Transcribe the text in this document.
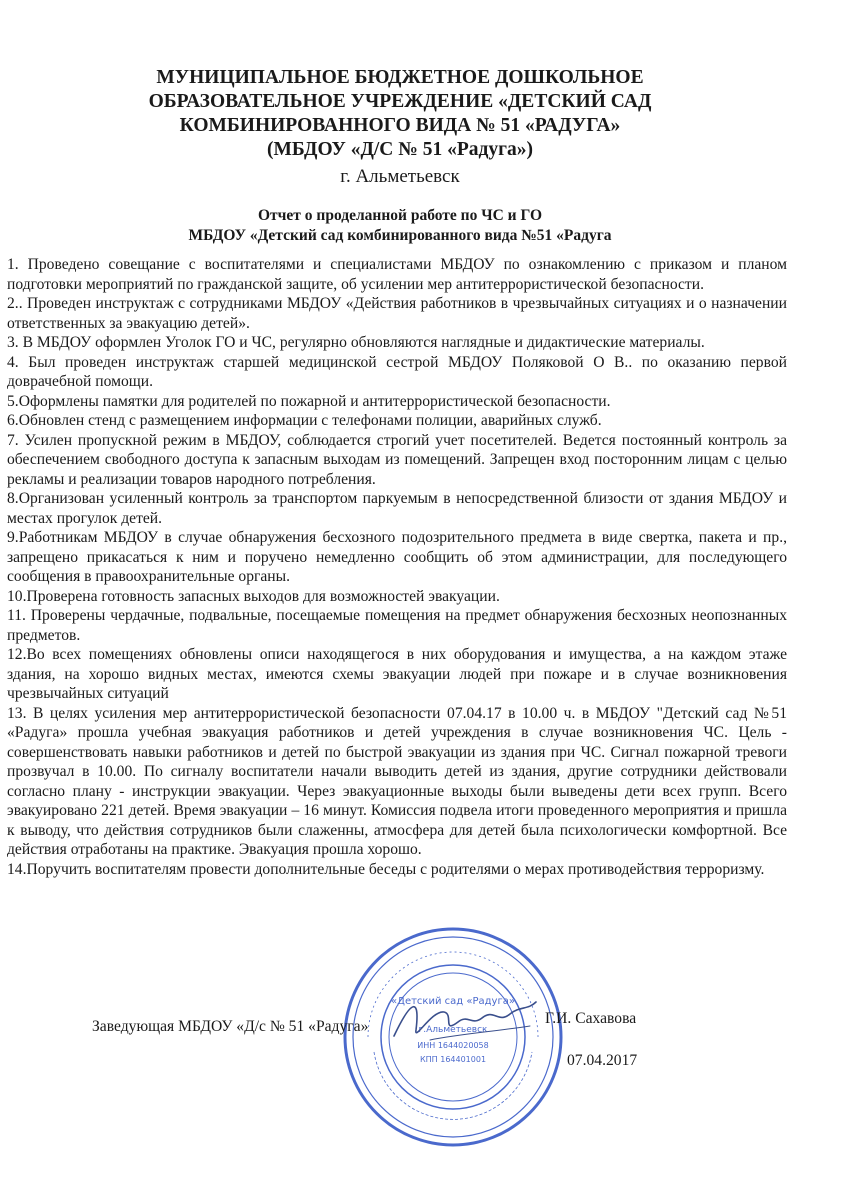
МУНИЦИПАЛЬНОЕ БЮДЖЕТНОЕ ДОШКОЛЬНОЕ
ОБРАЗОВАТЕЛЬНОЕ УЧРЕЖДЕНИЕ «ДЕТСКИЙ САД
КОМБИНИРОВАННОГО ВИДА № 51 «РАДУГА»
(МБДОУ «Д/С № 51 «Радуга»)
г. Альметьевск
Отчет о проделанной работе по ЧС и ГО
МБДОУ «Детский сад комбинированного вида №51 «Радуга

1. Проведено совещание с воспитателями и специалистами МБДОУ по ознакомлению с приказом и планом подготовки мероприятий по гражданской защите, об усилении мер антитеррористической безопасности.

2.. Проведен инструктаж с сотрудниками МБДОУ «Действия работников в чрезвычайных ситуациях и о назначении ответственных за эвакуацию детей».

3. В МБДОУ оформлен Уголок ГО и ЧС, регулярно обновляются наглядные и дидактические материалы.

4. Был проведен инструктаж старшей медицинской сестрой МБДОУ Поляковой О В.. по оказанию первой доврачебной помощи.

5.Оформлены памятки для родителей по пожарной и антитеррористической безопасности.

6.Обновлен стенд с размещением информации с телефонами полиции, аварийных служб.

7. Усилен пропускной режим в МБДОУ, соблюдается строгий учет посетителей. Ведется постоянный контроль за обеспечением свободного доступа к запасным выходам из помещений. Запрещен вход посторонним лицам с целью рекламы и реализации товаров народного потребления.

8.Организован усиленный контроль за транспортом паркуемым в непосредственной близости от здания МБДОУ и местах прогулок детей.

9.Работникам МБДОУ в случае обнаружения бесхозного подозрительного предмета в виде свертка, пакета и пр., запрещено прикасаться к ним и поручено немедленно сообщить об этом администрации, для последующего сообщения в правоохранительные органы.

10.Проверена готовность запасных выходов для возможностей эвакуации.

11. Проверены чердачные, подвальные, посещаемые помещения на предмет обнаружения бесхозных неопознанных предметов.

12.Во всех помещениях обновлены описи находящегося в них оборудования и имущества, а на каждом этаже здания, на хорошо видных местах, имеются схемы эвакуации людей при пожаре и в случае возникновения чрезвычайных ситуаций

13. В целях усиления мер антитеррористической безопасности 07.04.17 в 10.00 ч. в МБДОУ "Детский сад №51 «Радуга» прошла учебная эвакуация работников и детей учреждения в случае возникновения ЧС. Цель - совершенствовать навыки работников и детей по быстрой эвакуации из здания при ЧС. Сигнал пожарной тревоги прозвучал в 10.00. По сигналу воспитатели начали выводить детей из здания, другие сотрудники действовали согласно плану - инструкции эвакуации. Через эвакуационные выходы были выведены дети всех групп. Всего эвакуировано 221 детей. Время эвакуации – 16 минут. Комиссия подвела итоги проведенного мероприятия и пришла к выводу, что действия сотрудников были слаженны, атмосфера для детей была психологически комфортной. Все действия отработаны на практике. Эвакуация прошла хорошо.

14.Поручить воспитателям провести дополнительные беседы с родителями о мерах противодействия терроризму.

«Детский сад «Радуга»
г.Альметьевск
ИНН 1644020058
КПП 164401001
Заведующая МБДОУ «Д/с № 51 «Радуга»	Г.И. Сахавова
07.04.2017
